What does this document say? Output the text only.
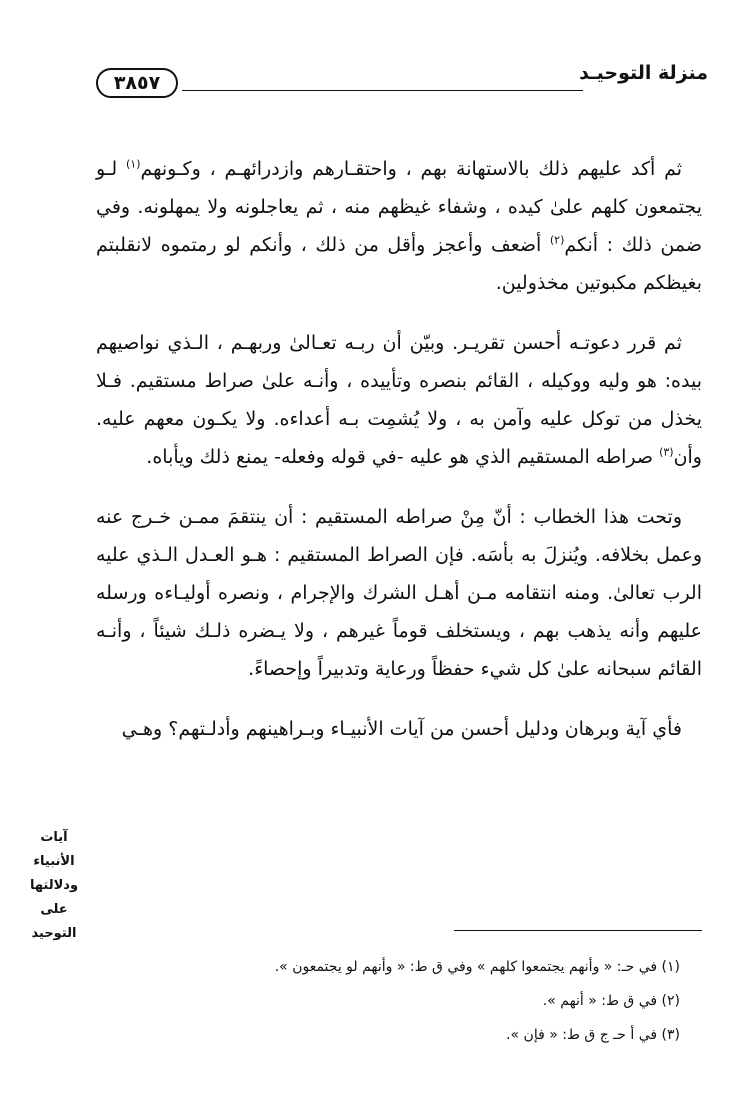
منزلة التوحيـد
٣٨٥٧

ثم أكد عليهم ذلك بالاستهانة بهم ، واحتقـارهم وازدرائهـم ، وكـونهم$^{(١)}$ لـو يجتمعون كلهم علىٰ كيده ، وشفاء غيظهم منه ، ثم يعاجلونه ولا يمهلونه. وفي ضمن ذلك : أنكم$^{(٢)}$ أضعف وأعجز وأقل من ذلك ، وأنكم لو رمتموه لانقلبتم بغيظكم مكبوتين مخذولين.

ثم قرر دعوتـه أحسن تقريـر. وبيّن أن ربـه تعـالىٰ وربهـم ، الـذي نواصيهم بيده: هو وليه ووكيله ، القائم بنصره وتأييده ، وأنـه علىٰ صراط مستقيم. فـلا يخذل من توكل عليه وآمن به ، ولا يُشمِت بـه أعداءه. ولا يكـون معهم عليه. وأن$^{(٣)}$ صراطه المستقيم الذي هو عليه -في قوله وفعله- يمنع ذلك ويأباه.

وتحت هذا الخطاب : أنّ مِنْ صراطه المستقيم : أن ينتقمَ ممـن خـرج عنه وعمل بخلافه. ويُنزلَ به بأسَه. فإن الصراط المستقيم : هـو العـدل الـذي عليه الرب تعالىٰ. ومنه انتقامه مـن أهـل الشرك والإجرام ، ونصره أوليـاءه ورسله عليهم وأنه يذهب بهم ، ويستخلف قوماً غيرهم ، ولا يـضره ذلـك شيئاً ، وأنـه القائم سبحانه علىٰ كل شيء حفظاً ورعاية وتدبيراً وإحصاءً.

فأي آية وبرهان ودليل أحسن من آيات الأنبيـاء وبـراهينهم وأدلـتهم؟ وهـي

آيات الأنبياء
ودلالتها على
التوحيد

(١) في حـ: « وأنهم يجتمعوا كلهم » وفي ق ط: « وأنهم لو يجتمعون ».

(٢) في ق ط: « أنهم ».

(٣) في أ حـ ج ق ط: « فإن ».
